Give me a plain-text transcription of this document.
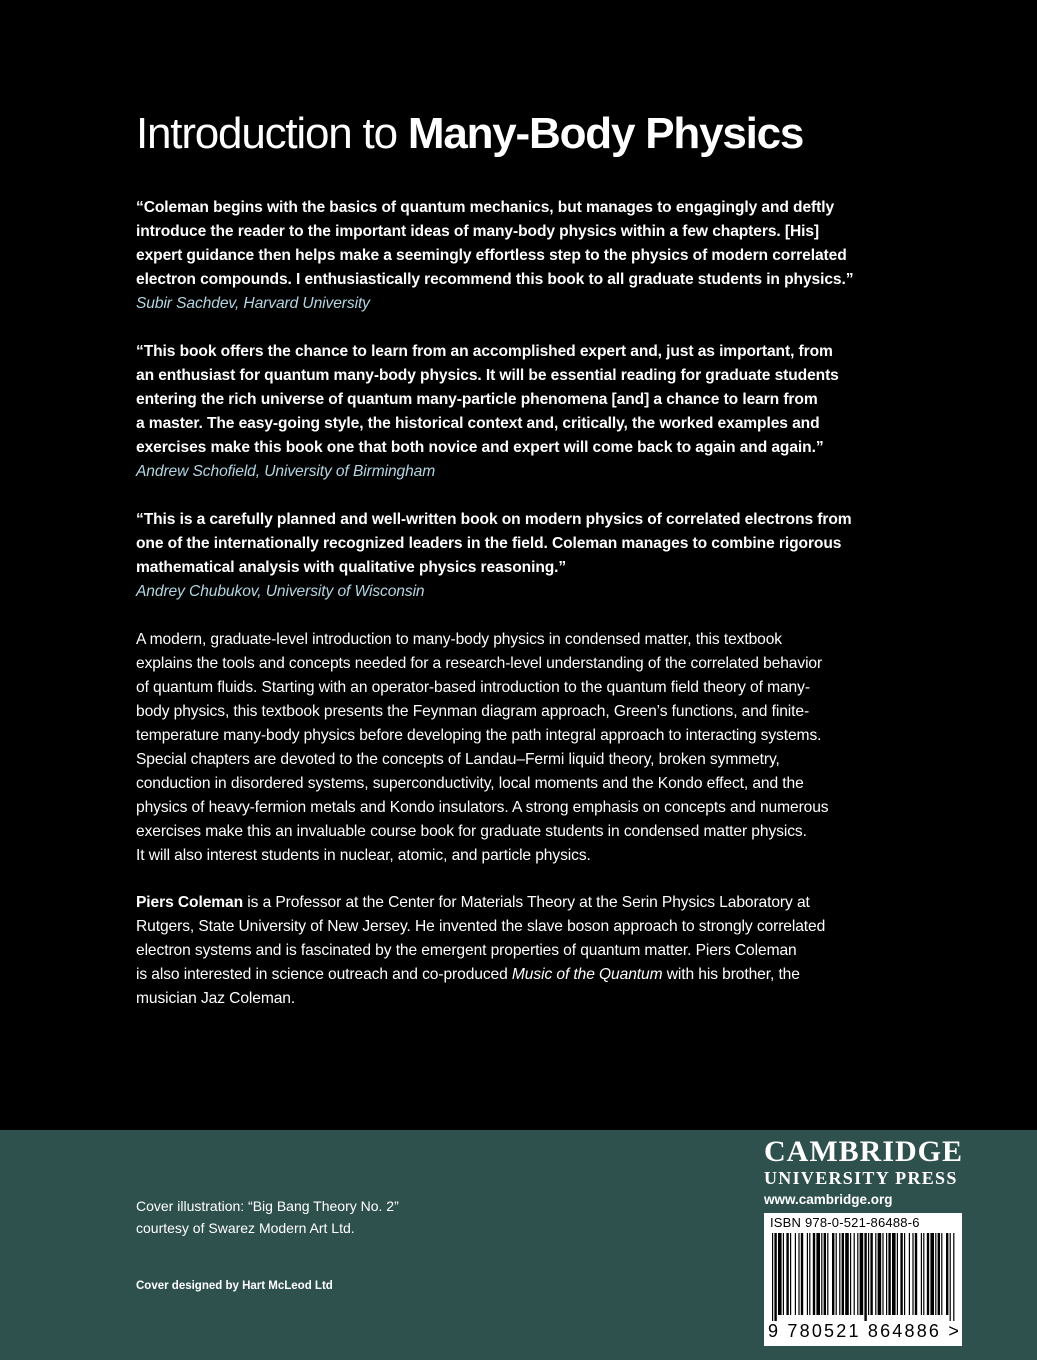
Introduction to Many-Body Physics
“Coleman begins with the basics of quantum mechanics, but manages to engagingly and deftly
introduce the reader to the important ideas of many-body physics within a few chapters. [His]
expert guidance then helps make a seemingly effortless step to the physics of modern correlated
electron compounds. I enthusiastically recommend this book to all graduate students in physics.”
Subir Sachdev, Harvard University
“This book offers the chance to learn from an accomplished expert and, just as important, from
an enthusiast for quantum many-body physics. It will be essential reading for graduate students
entering the rich universe of quantum many-particle phenomena [and] a chance to learn from
a master. The easy-going style, the historical context and, critically, the worked examples and
exercises make this book one that both novice and expert will come back to again and again.”
Andrew Schofield, University of Birmingham
“This is a carefully planned and well-written book on modern physics of correlated electrons from
one of the internationally recognized leaders in the field. Coleman manages to combine rigorous
mathematical analysis with qualitative physics reasoning.”
Andrey Chubukov, University of Wisconsin
A modern, graduate-level introduction to many-body physics in condensed matter, this textbook
explains the tools and concepts needed for a research-level understanding of the correlated behavior
of quantum fluids. Starting with an operator-based introduction to the quantum field theory of many-
body physics, this textbook presents the Feynman diagram approach, Green’s functions, and finite-
temperature many-body physics before developing the path integral approach to interacting systems.
Special chapters are devoted to the concepts of Landau–Fermi liquid theory, broken symmetry,
conduction in disordered systems, superconductivity, local moments and the Kondo effect, and the
physics of heavy-fermion metals and Kondo insulators. A strong emphasis on concepts and numerous
exercises make this an invaluable course book for graduate students in condensed matter physics.
It will also interest students in nuclear, atomic, and particle physics.
Piers Coleman is a Professor at the Center for Materials Theory at the Serin Physics Laboratory at
Rutgers, State University of New Jersey. He invented the slave boson approach to strongly correlated
electron systems and is fascinated by the emergent properties of quantum matter. Piers Coleman
is also interested in science outreach and co-produced Music of the Quantum with his brother, the
musician Jaz Coleman.
Cover illustration: “Big Bang Theory No. 2”
courtesy of Swarez Modern Art Ltd.
Cover designed by Hart McLeod Ltd
CAMBRIDGE
UNIVERSITY PRESS
www.cambridge.org
ISBN 978-0-521-86488-6
9 780521 864886 >
